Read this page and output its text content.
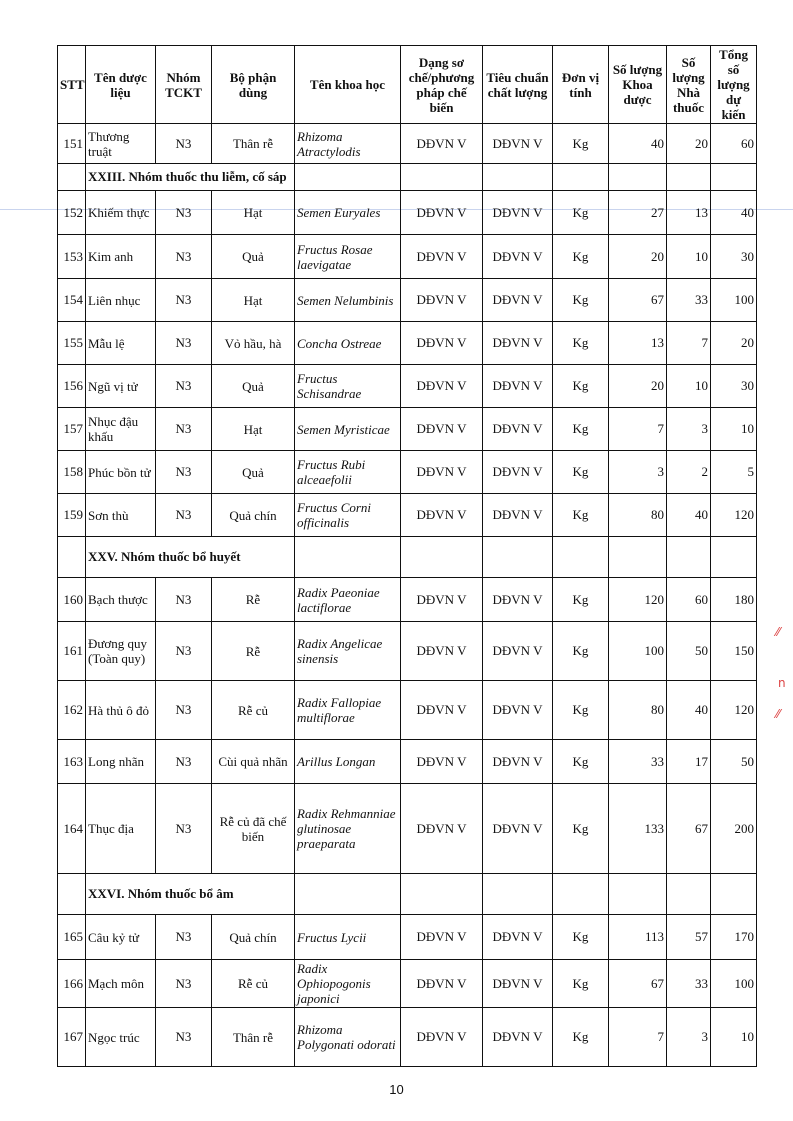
STT	Tên dược liệu	Nhóm TCKT	Bộ phận dùng	Tên khoa học	Dạng sơ chế/phương pháp chế biến	Tiêu chuẩn chất lượng	Đơn vị tính	Số lượng Khoa dược	Số lượng Nhà thuốc	Tổng số lượng dự kiến
151	Thương truật	N3	Thân rễ	Rhizoma Atractylodis	DĐVN V	DĐVN V	Kg	40	20	60
	XXIII. Nhóm thuốc thu liễm, cố sáp									
152	Khiếm thực	N3	Hạt	Semen Euryales	DĐVN V	DĐVN V	Kg	27	13	40
153	Kim anh	N3	Quả	Fructus Rosae laevigatae	DĐVN V	DĐVN V	Kg	20	10	30
154	Liên nhục	N3	Hạt	Semen Nelumbinis	DĐVN V	DĐVN V	Kg	67	33	100
155	Mẫu lệ	N3	Vỏ hầu, hà	Concha Ostreae	DĐVN V	DĐVN V	Kg	13	7	20
156	Ngũ vị tử	N3	Quả	Fructus Schisandrae	DĐVN V	DĐVN V	Kg	20	10	30
157	Nhục đậu khấu	N3	Hạt	Semen Myristicae	DĐVN V	DĐVN V	Kg	7	3	10
158	Phúc bồn tử	N3	Quả	Fructus Rubi alceaefolii	DĐVN V	DĐVN V	Kg	3	2	5
159	Sơn thù	N3	Quả chín	Fructus Corni officinalis	DĐVN V	DĐVN V	Kg	80	40	120
	XXV. Nhóm thuốc bổ huyết									
160	Bạch thược	N3	Rễ	Radix Paeoniae lactiflorae	DĐVN V	DĐVN V	Kg	120	60	180
161	Đương quy (Toàn quy)	N3	Rễ	Radix Angelicae sinensis	DĐVN V	DĐVN V	Kg	100	50	150
162	Hà thủ ô đỏ	N3	Rễ củ	Radix Fallopiae multiflorae	DĐVN V	DĐVN V	Kg	80	40	120
163	Long nhãn	N3	Cùi quả nhãn	Arillus Longan	DĐVN V	DĐVN V	Kg	33	17	50
164	Thục địa	N3	Rễ củ đã chế biến	Radix Rehmanniae glutinosae praeparata	DĐVN V	DĐVN V	Kg	133	67	200
	XXVI. Nhóm thuốc bổ âm									
165	Câu kỷ tử	N3	Quả chín	Fructus Lycii	DĐVN V	DĐVN V	Kg	113	57	170
166	Mạch môn	N3	Rễ củ	Radix Ophiopogonis japonici	DĐVN V	DĐVN V	Kg	67	33	100
167	Ngọc trúc	N3	Thân rễ	Rhizoma Polygonati odorati	DĐVN V	DĐVN V	Kg	7	3	10
10
⁄⁄
n
⁄⁄
